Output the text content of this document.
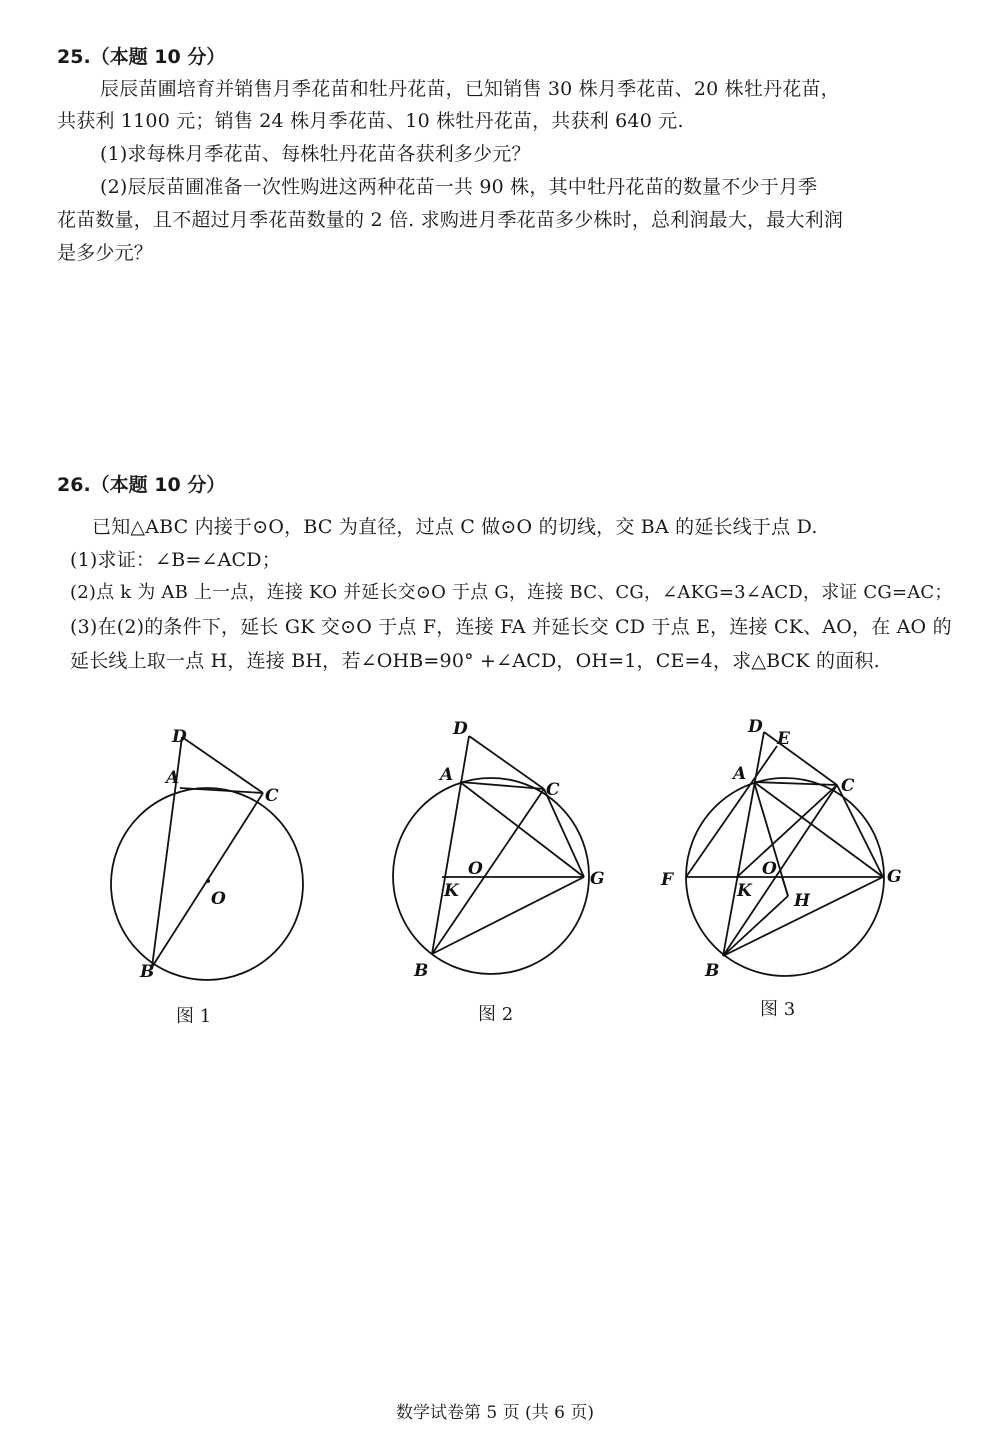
25.（本题 10 分）
辰辰苗圃培育并销售月季花苗和牡丹花苗，已知销售 30 株月季花苗、20 株牡丹花苗，
共获利 1100 元；销售 24 株月季花苗、10 株牡丹花苗，共获利 640 元.
(1)求每株月季花苗、每株牡丹花苗各获利多少元？
(2)辰辰苗圃准备一次性购进这两种花苗一共 90 株，其中牡丹花苗的数量不少于月季
花苗数量，且不超过月季花苗数量的 2 倍. 求购进月季花苗多少株时，总利润最大，最大利润
是多少元？
26.（本题 10 分）
已知△ABC 内接于⊙O，BC 为直径，过点 C 做⊙O 的切线，交 BA 的延长线于点 D.
(1)求证：∠B=∠ACD；
(2)点 k 为 AB 上一点，连接 KO 并延长交⊙O 于点 G，连接 BC、CG，∠AKG=3∠ACD，求证 CG=AC；
(3)在(2)的条件下，延长 GK 交⊙O 于点 F，连接 FA 并延长交 CD 于点 E，连接 CK、AO，在 AO 的
延长线上取一点 H，连接 BH，若∠OHB=90° +∠ACD，OH=1，CE=4，求△BCK 的面积.
D
A
C
O
B
图 1
D
A
C
O
K
G
B
图 2
D
E
A
C
F
O
K
G
H
B
图 3
数学试卷第 5 页 (共 6 页)
